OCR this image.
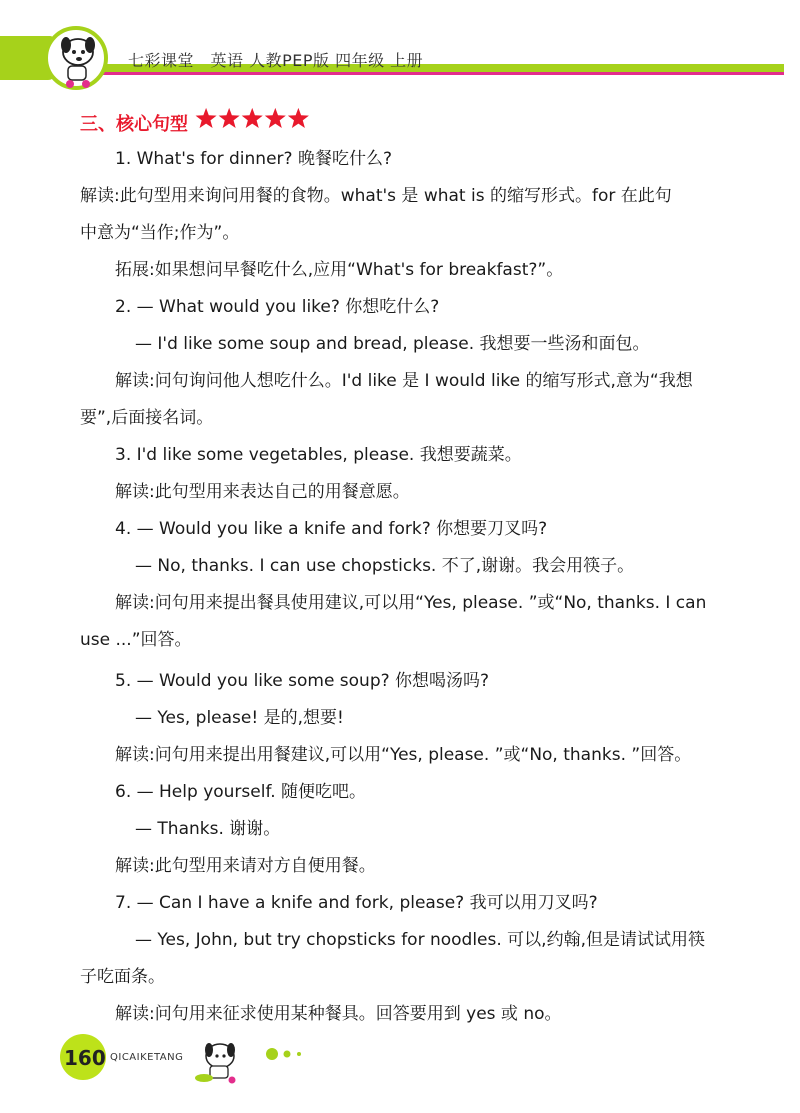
七彩课堂　英语 人教PEP版 四年级 上册
三、核心句型
1. What's for dinner? 晚餐吃什么?
解读:此句型用来询问用餐的食物。what's 是 what is 的缩写形式。for 在此句
中意为“当作;作为”。
拓展:如果想问早餐吃什么,应用“What's for breakfast?”。
2. — What would you like? 你想吃什么?
— I'd like some soup and bread, please. 我想要一些汤和面包。
解读:问句询问他人想吃什么。I'd like 是 I would like 的缩写形式,意为“我想
要”,后面接名词。
3. I'd like some vegetables, please. 我想要蔬菜。
解读:此句型用来表达自己的用餐意愿。
4. — Would you like a knife and fork? 你想要刀叉吗?
— No, thanks. I can use chopsticks. 不了,谢谢。我会用筷子。
解读:问句用来提出餐具使用建议,可以用“Yes, please. ”或“No, thanks. I can
use ...”回答。
5. — Would you like some soup? 你想喝汤吗?
— Yes, please! 是的,想要!
解读:问句用来提出用餐建议,可以用“Yes, please. ”或“No, thanks. ”回答。
6. — Help yourself. 随便吃吧。
— Thanks. 谢谢。
解读:此句型用来请对方自便用餐。
7. — Can I have a knife and fork, please? 我可以用刀叉吗?
— Yes, John, but try chopsticks for noodles. 可以,约翰,但是请试试用筷
子吃面条。
解读:问句用来征求使用某种餐具。回答要用到 yes 或 no。
160 QICAIKETANG
